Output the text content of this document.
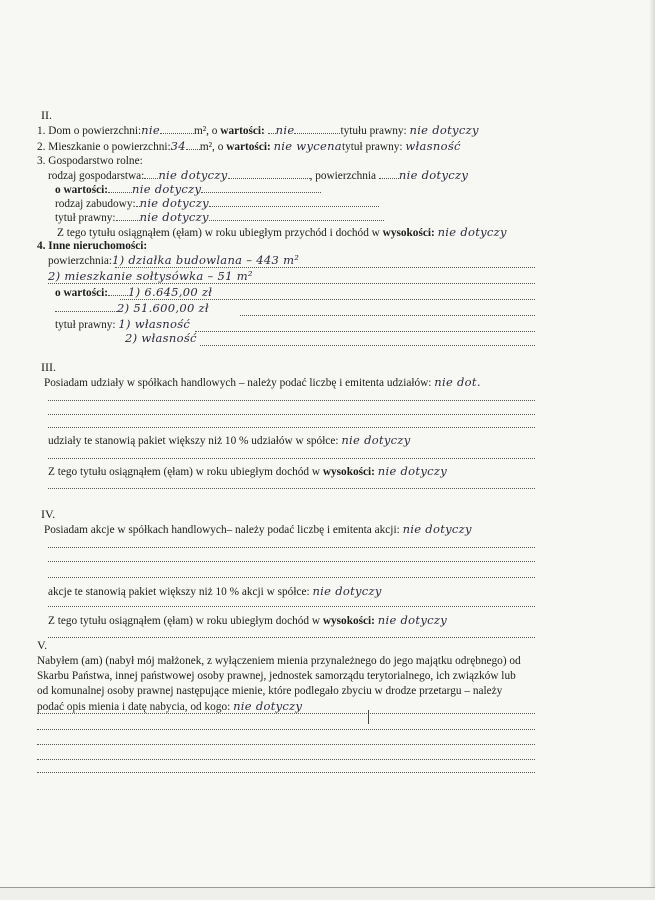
II.
1. Dom o powierzchni:nie	m², o wartości: nie	tytułu prawny: nie dotyczy
2. Mieszkanie o powierzchni:34 m², o wartości: nie wycenatytuł prawny: własność
3. Gospodarstwo rolne:
rodzaj gospodarstwa: nie dotyczy	, powierzchnia nie dotyczy
o wartości: nie dotyczy
rodzaj zabudowy: nie dotyczy
tytuł prawny: nie dotyczy
Z tego tytułu osiągnąłem (ęłam) w roku ubiegłym przychód i dochód w wysokości: nie dotyczy
4. Inne nieruchomości:
powierzchnia:1) działka budowlana – 443 m²
2) mieszkanie sołtysówka – 51 m²
o wartości: 1) 6.645,00 zł
2) 51.600,00 zł
tytuł prawny: 1) własność
2) własność
III.
Posiadam udziały w spółkach handlowych – należy podać liczbę i emitenta udziałów: nie dot.
udziały te stanowią pakiet większy niż 10 % udziałów w spółce: nie dotyczy
Z tego tytułu osiągnąłem (ęłam) w roku ubiegłym dochód w wysokości: nie dotyczy
IV.
Posiadam akcje w spółkach handlowych– należy podać liczbę i emitenta akcji: nie dotyczy
akcje te stanowią pakiet większy niż 10 % akcji w spółce: nie dotyczy
Z tego tytułu osiągnąłem (ęłam) w roku ubiegłym dochód w wysokości: nie dotyczy
V.
Nabyłem (am) (nabył mój małżonek, z wyłączeniem mienia przynależnego do jego majątku odrębnego) od
Skarbu Państwa, innej państwowej osoby prawnej, jednostek samorządu terytorialnego, ich związków lub
od komunalnej osoby prawnej następujące mienie, które podlegało zbyciu w drodze przetargu – należy
podać opis mienia i datę nabycia, od kogo: nie dotyczy
